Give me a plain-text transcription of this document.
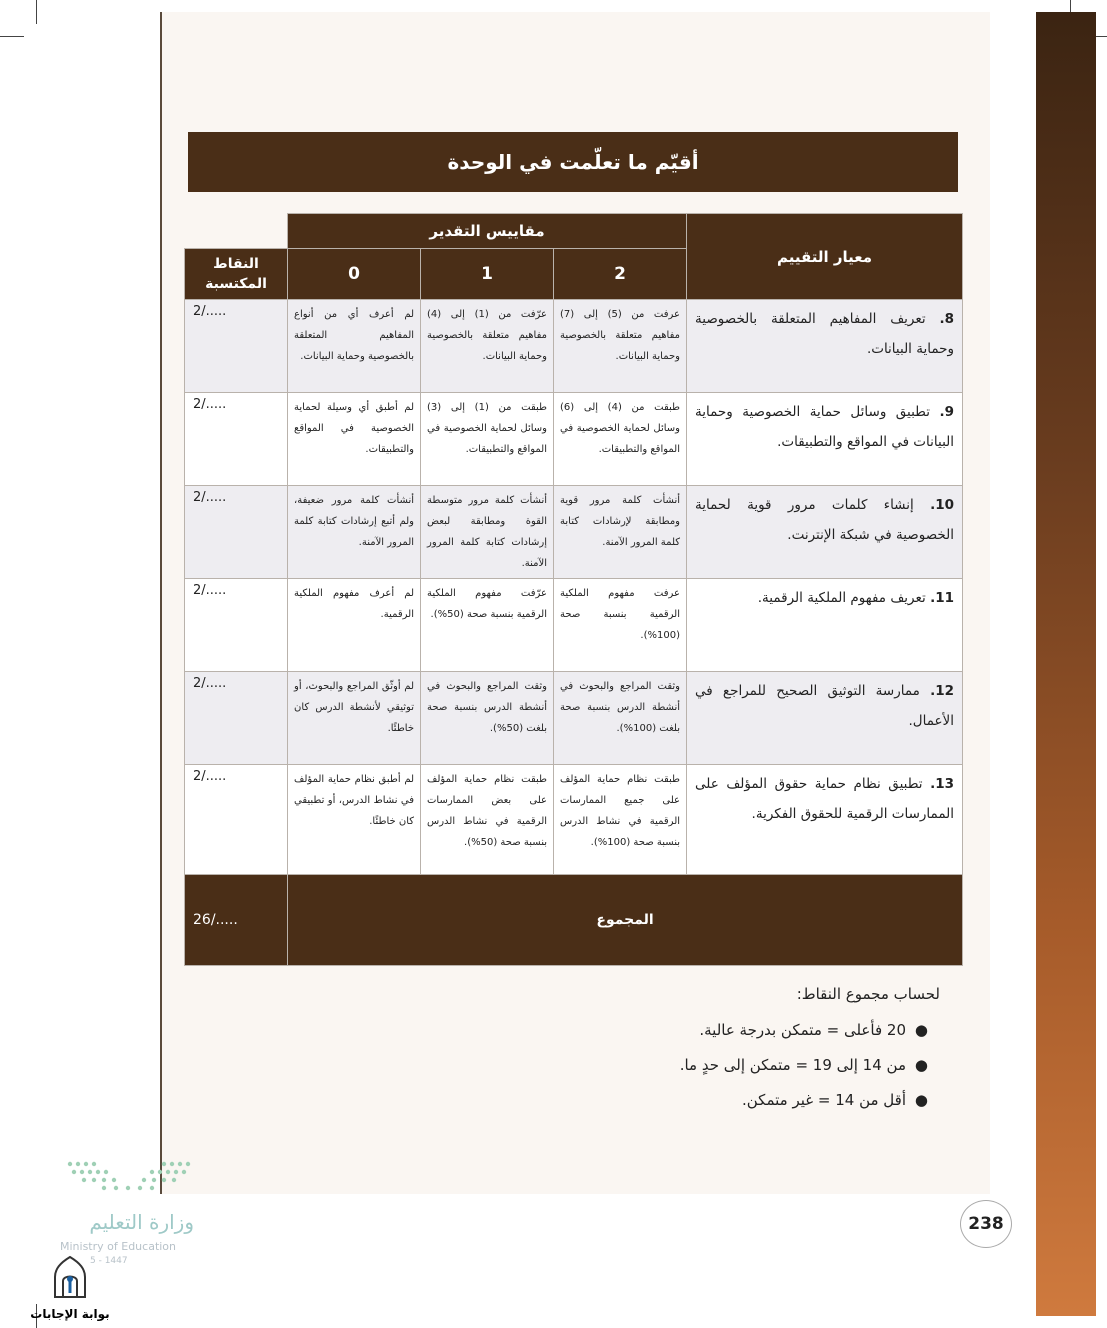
أقيّم ما تعلّمت في الوحدة
معيار التقييم	مقاييس التقدير			
	2	1	0	النقاط المكتسبة
8. تعريف المفاهيم المتعلقة بالخصوصية وحماية البيانات.	عرفت من (5) إلى (7) مفاهيم متعلقة بالخصوصية وحماية البيانات.	عرّفت من (1) إلى (4) مفاهيم متعلقة بالخصوصية وحماية البيانات.	لم أعرف أي من أنواع المفاهيم المتعلقة بالخصوصية وحماية البيانات.	2/.....
9. تطبيق وسائل حماية الخصوصية وحماية البيانات في المواقع والتطبيقات.	طبقت من (4) إلى (6) وسائل لحماية الخصوصية في المواقع والتطبيقات.	طبقت من (1) إلى (3) وسائل لحماية الخصوصية في المواقع والتطبيقات.	لم أطبق أي وسيلة لحماية الخصوصية في المواقع والتطبيقات.	2/.....
10. إنشاء كلمات مرور قوية لحماية الخصوصية في شبكة الإنترنت.	أنشأت كلمة مرور قوية ومطابقة لإرشادات كتابة كلمة المرور الآمنة.	أنشأت كلمة مرور متوسطة القوة ومطابقة لبعض إرشادات كتابة كلمة المرور الآمنة.	أنشأت كلمة مرور ضعيفة، ولم أتبع إرشادات كتابة كلمة المرور الآمنة.	2/.....
11. تعريف مفهوم الملكية الرقمية.	عرفت مفهوم الملكية الرقمية بنسبة صحة (100%).	عرّفت مفهوم الملكية الرقمية بنسبة صحة (50%).	لم أعرف مفهوم الملكية الرقمية.	2/.....
12. ممارسة التوثيق الصحيح للمراجع في الأعمال.	وثقت المراجع والبحوث في أنشطة الدرس بنسبة صحة بلغت (100%).	وثقت المراجع والبحوث في أنشطة الدرس بنسبة صحة بلغت (50%).	لم أوثّق المراجع والبحوث، أو توثيقي لأنشطة الدرس كان خاطئًا.	2/.....
13. تطبيق نظام حماية حقوق المؤلف على الممارسات الرقمية للحقوق الفكرية.	طبقت نظام حماية المؤلف على جميع الممارسات الرقمية في نشاط الدرس بنسبة صحة (100%).	طبقت نظام حماية المؤلف على بعض الممارسات الرقمية في نشاط الدرس بنسبة صحة (50%).	لم أطبق نظام حماية المؤلف في نشاط الدرس، أو تطبيقي كان خاطئًا.	2/.....
المجموع				26/.....

لحساب مجموع النقاط:

●
20 فأعلى = متمكن بدرجة عالية.
●
من 14 إلى 19 = متمكن إلى حدٍ ما.
●
أقل من 14 = غير متمكن.
238
وزارة التعليم
Ministry of Education
5 - 1447
بوابة الإجابات
